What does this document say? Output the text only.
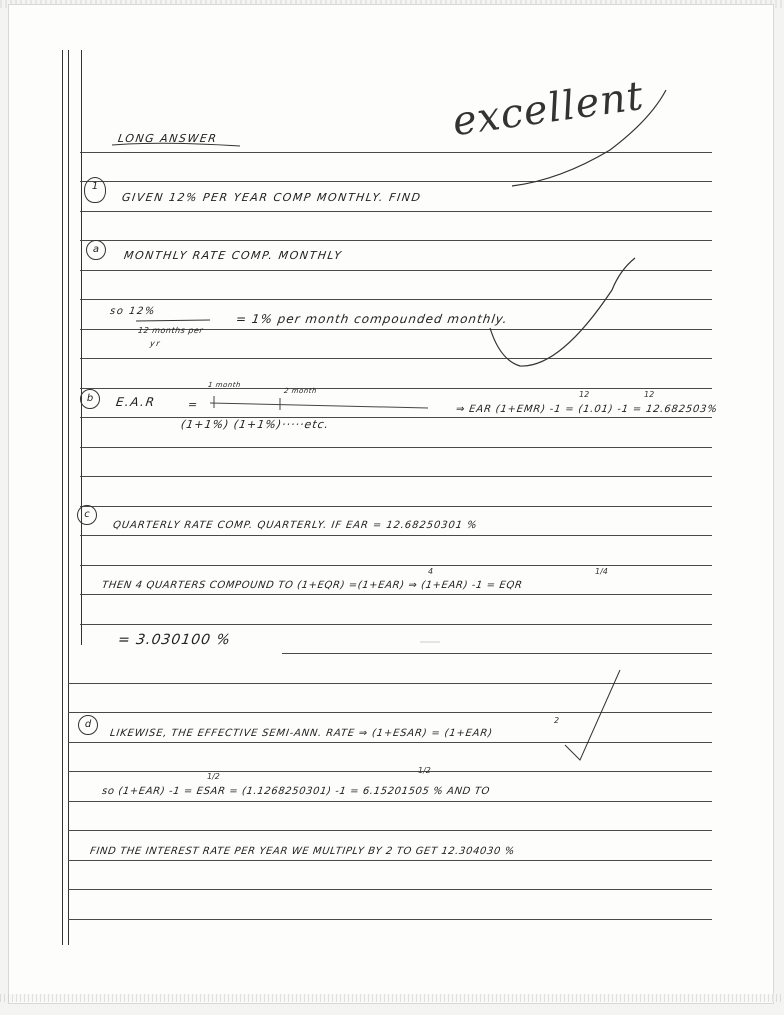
LONG ANSWER	excellent
1
GIVEN 12% PER YEAR COMP MONTHLY. FIND
a	MONTHLY RATE COMP. MONTHLY
so 12%
12 months per
yr
= 1% per month compounded monthly.
b	E.A.R	=
1 month
2 month
(1+1%) (1+1%)·····etc.
⇒ EAR (1+EMR) -1 = (1.01) -1 = 12.682503%
12	12
c
QUARTERLY RATE COMP. QUARTERLY. IF EAR = 12.68250301 %
THEN 4 QUARTERS COMPOUND TO (1+EQR) =(1+EAR) ⇒ (1+EAR) -1 = EQR
4	1/4
= 3.030100 %
d
LIKEWISE, THE EFFECTIVE SEMI-ANN. RATE ⇒ (1+ESAR) = (1+EAR)
2
so (1+EAR) -1 = ESAR = (1.1268250301) -1 = 6.15201505 % AND TO
1/2
1/2
FIND THE INTEREST RATE PER YEAR WE MULTIPLY BY 2 TO GET 12.304030 %
